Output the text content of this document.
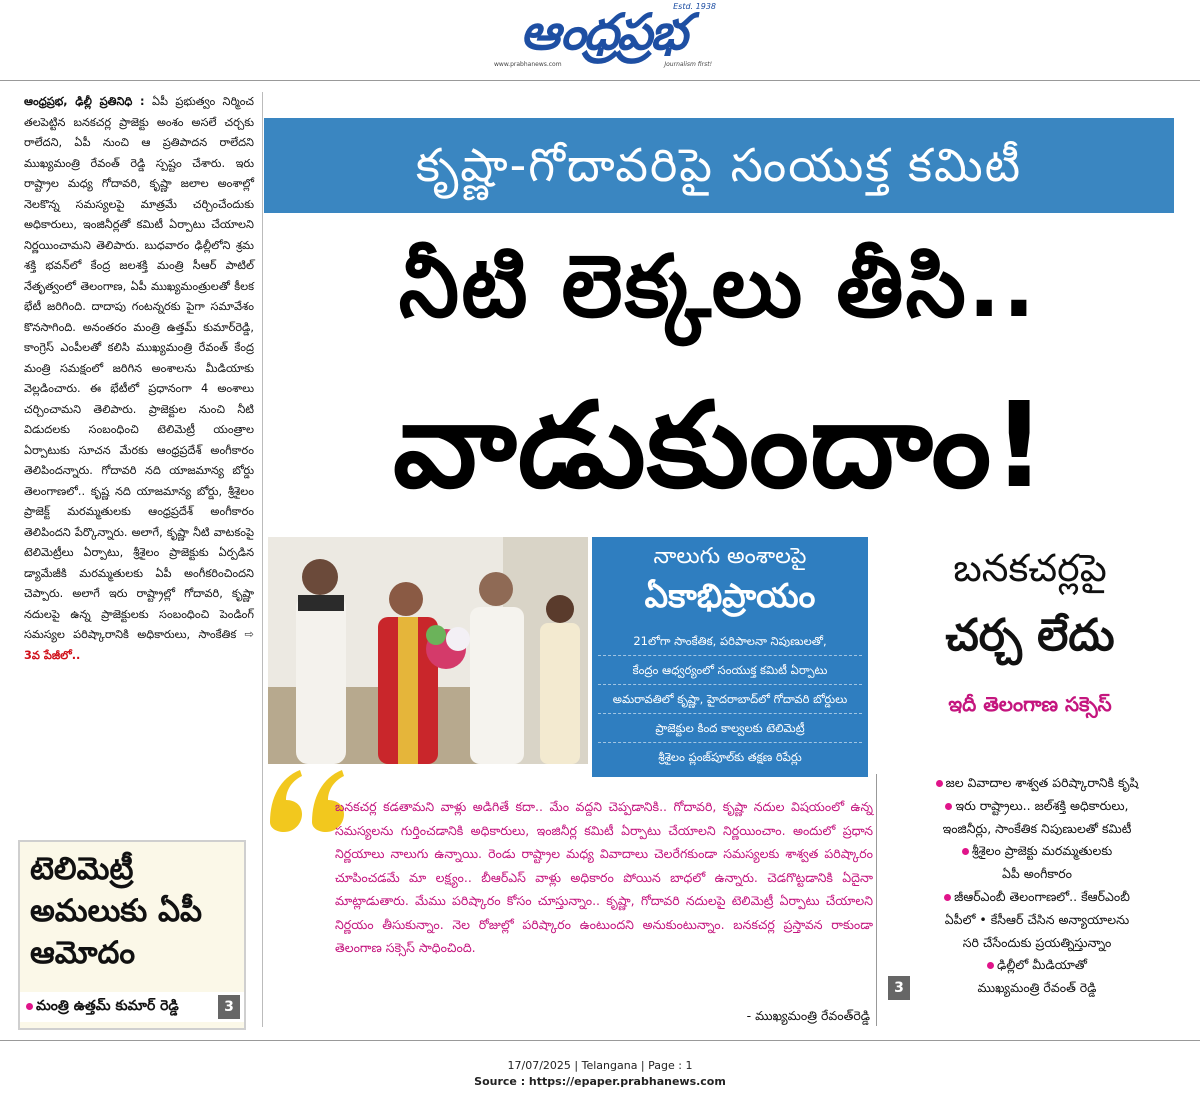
ఆంధ్రప్రభ
Estd. 1938
www.prabhanews.com	Journalism first!

ఆంధ్రప్రభ, ఢిల్లీ ప్రతినిధి : ఏపీ ప్రభుత్వం నిర్మించ తలపెట్టిన బనకచర్ల ప్రాజెక్టు అంశం అసలే చర్చకు రాలేదని, ఏపీ నుంచి ఆ ప్రతిపాదన రాలేదని ముఖ్యమంత్రి రేవంత్ రెడ్డి స్పష్టం చేశారు. ఇరు రాష్ట్రాల మధ్య గోదావరి, కృష్ణా జలాల అంశాల్లో నెలకొన్న సమస్యలపై మాత్రమే చర్చించేందుకు అధికారులు, ఇంజినీర్లతో కమిటీ ఏర్పాటు చేయాలని నిర్ణయించామని తెలిపారు. బుధవారం ఢిల్లీలోని శ్రమ శక్తి భవన్‌లో కేంద్ర జలశక్తి మంత్రి సీఆర్ పాటిల్ నేతృత్వంలో తెలంగాణ, ఏపీ ముఖ్యమంత్రులతో కీలక భేటీ జరిగింది. దాదాపు గంటన్నరకు పైగా సమావేశం కొనసాగింది. అనంతరం మంత్రి ఉత్తమ్ కుమార్‌రెడ్డి, కాంగ్రెస్ ఎంపీలతో కలిసి ముఖ్యమంత్రి రేవంత్ కేంద్ర మంత్రి సమక్షంలో జరిగిన అంశాలను మీడియాకు వెల్లడించారు. ఈ భేటీలో ప్రధానంగా 4 అంశాలు చర్చించామని తెలిపారు. ప్రాజెక్టుల నుంచి నీటి విడుదలకు సంబంధించి టెలిమెట్రీ యంత్రాల ఏర్పాటుకు సూచన మేరకు ఆంధ్రప్రదేశ్ అంగీకారం తెలిపిందన్నారు. గోదావరి నది యాజమాన్య బోర్డు తెలంగాణలో.. కృష్ణ నది యాజమాన్య బోర్డు, శ్రీశైలం ప్రాజెక్ట్ మరమ్మతులకు ఆంధ్రప్రదేశ్ అంగీకారం తెలిపిందని పేర్కొన్నారు. అలాగే, కృష్ణా నీటి వాటకంపై టెలిమెట్రీలు ఏర్పాటు, శ్రీశైలం ప్రాజెక్టుకు ఏర్పడిన డ్యామేజీకి మరమ్మతులకు ఏపీ అంగీకరించిందని చెప్పారు. అలాగే ఇరు రాష్ట్రాల్లో గోదావరి, కృష్ణా నదులపై ఉన్న ప్రాజెక్టులకు సంబంధించి పెండింగ్ సమస్యల పరిష్కారానికి అధికారులు, సాంకేతిక ⇨ 3వ పేజీలో..

టెలిమెట్రీ అమలుకు ఏపీ ఆమోదం
మంత్రి ఉత్తమ్ కుమార్ రెడ్డి	3
కృష్ణా-గోదావరిపై సంయుక్త కమిటీ
నీటి లెక్కలు తీసి..
వాడుకుందాం!
నాలుగు అంశాలపై
ఏకాభిప్రాయం
21లోగా సాంకేతిక, పరిపాలనా నిపుణులతో,
కేంద్రం ఆధ్వర్యంలో సంయుక్త కమిటీ ఏర్పాటు
అమరావతిలో కృష్ణా, హైదరాబాద్‌లో గోదావరి బోర్డులు
ప్రాజెక్టుల కింద కాల్వలకు టెలిమెట్రీ
శ్రీశైలం ప్లంజ్‌పూల్‌కు తక్షణ రిపేర్లు
బనకచర్లపై
చర్చ లేదు
ఇదీ తెలంగాణ సక్సెస్
జల వివాదాల శాశ్వత పరిష్కారానికి కృషి
ఇరు రాష్ట్రాలు.. జల్‌శక్తి అధికారులు,
ఇంజినీర్లు, సాంకేతిక నిపుణులతో కమిటీ
శ్రీశైలం ప్రాజెక్టు మరమ్మతులకు
ఏపీ అంగీకారం
జీఆర్‌ఎంబీ తెలంగాణలో.. కేఆర్‌ఎంబీ
ఏపీలో • కేసీఆర్ చేసిన అన్యాయాలను
సరి చేసేందుకు ప్రయత్నిస్తున్నాం
ఢిల్లీలో మీడియాతో
ముఖ్యమంత్రి రేవంత్ రెడ్డి
3

బనకచర్ల కడతామని వాళ్లు అడిగితే కదా.. మేం వద్దని చెప్పడానికి.. గోదావరి, కృష్ణా నదుల విషయంలో ఉన్న సమస్యలను గుర్తించడానికి అధికారులు, ఇంజినీర్ల కమిటీ ఏర్పాటు చేయాలని నిర్ణయించాం. అందులో ప్రధాన నిర్ణయాలు నాలుగు ఉన్నాయి. రెండు రాష్ట్రాల మధ్య వివాదాలు చెలరేగకుండా సమస్యలకు శాశ్వత పరిష్కారం చూపించడమే మా లక్ష్యం.. బీఆర్‌ఎస్ వాళ్లు అధికారం పోయిన బాధలో ఉన్నారు. చెడగొట్టడానికి ఏదైనా మాట్లాడుతారు. మేము పరిష్కారం కోసం చూస్తున్నాం.. కృష్ణా, గోదావరి నదులపై టెలిమెట్రీ ఏర్పాటు చేయాలని నిర్ణయం తీసుకున్నాం. నెల రోజుల్లో పరిష్కారం ఉంటుందని అనుకుంటున్నాం. బనకచర్ల ప్రస్తావన రాకుండా తెలంగాణ సక్సెస్ సాధించింది.

- ముఖ్యమంత్రి రేవంత్‌రెడ్డి
17/07/2025 | Telangana | Page : 1
Source : https://epaper.prabhanews.com
